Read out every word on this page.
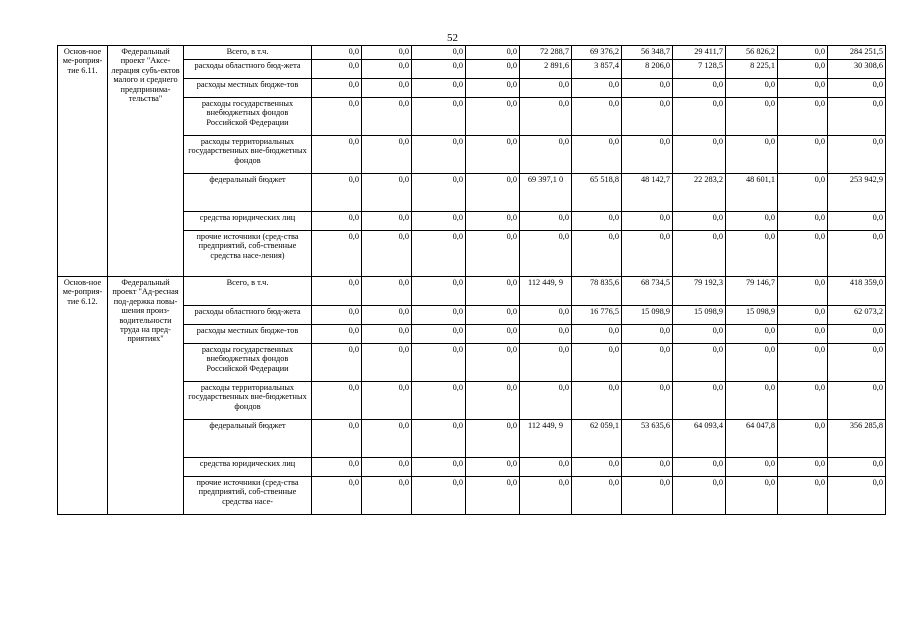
52
Основ-ное ме-роприя-тие 6.11.	Федеральный проект "Аксе-лерация субъ-ектов малого и среднего предпринима-тельства"	Всего, в т.ч.	0,0	0,0	0,0	0,0	72 288,7	69 376,2	56 348,7	29 411,7	56 826,2	0,0	284 251,5
		расходы областного бюд-жета	0,0	0,0	0,0	0,0	2 891,6	3 857,4	8 206,0	7 128,5	8 225,1	0,0	30 308,6
		расходы местных бюдже-тов	0,0	0,0	0,0	0,0	0,0	0,0	0,0	0,0	0,0	0,0	0,0
		расходы государственных внебюджетных фондов Российской Федерации	0,0	0,0	0,0	0,0	0,0	0,0	0,0	0,0	0,0	0,0	0,0
		расходы территориальных государственных вне-бюджетных фондов	0,0	0,0	0,0	0,0	0,0	0,0	0,0	0,0	0,0	0,0	0,0
		федеральный бюджет	0,0	0,0	0,0	0,0	69 397,1 0	65 518,8	48 142,7	22 283,2	48 601,1	0,0	253 942,9
		средства юридических лиц	0,0	0,0	0,0	0,0	0,0	0,0	0,0	0,0	0,0	0,0	0,0
		прочие источники (сред-ства предприятий, соб-ственные средства насе-ления)	0,0	0,0	0,0	0,0	0,0	0,0	0,0	0,0	0,0	0,0	0,0
Основ-ное ме-роприя-тие 6.12.	Федеральный проект "Ад-ресная под-держка повы-шения произ-водительности труда на пред-приятиях"	Всего, в т.ч.	0,0	0,0	0,0	0,0	112 449, 9	78 835,6	68 734,5	79 192,3	79 146,7	0,0	418 359,0
		расходы областного бюд-жета	0,0	0,0	0,0	0,0	0,0	16 776,5	15 098,9	15 098,9	15 098,9	0,0	62 073,2
		расходы местных бюдже-тов	0,0	0,0	0,0	0,0	0,0	0,0	0,0	0,0	0,0	0,0	0,0
		расходы государственных внебюджетных фондов Российской Федерации	0,0	0,0	0,0	0,0	0,0	0,0	0,0	0,0	0,0	0,0	0,0
		расходы территориальных государственных вне-бюджетных фондов	0,0	0,0	0,0	0,0	0,0	0,0	0,0	0,0	0,0	0,0	0,0
		федеральный бюджет	0,0	0,0	0,0	0,0	112 449, 9	62 059,1	53 635,6	64 093,4	64 047,8	0,0	356 285,8
		средства юридических лиц	0,0	0,0	0,0	0,0	0,0	0,0	0,0	0,0	0,0	0,0	0,0
		прочие источники (сред-ства предприятий, соб-ственные средства насе-	0,0	0,0	0,0	0,0	0,0	0,0	0,0	0,0	0,0	0,0	0,0
